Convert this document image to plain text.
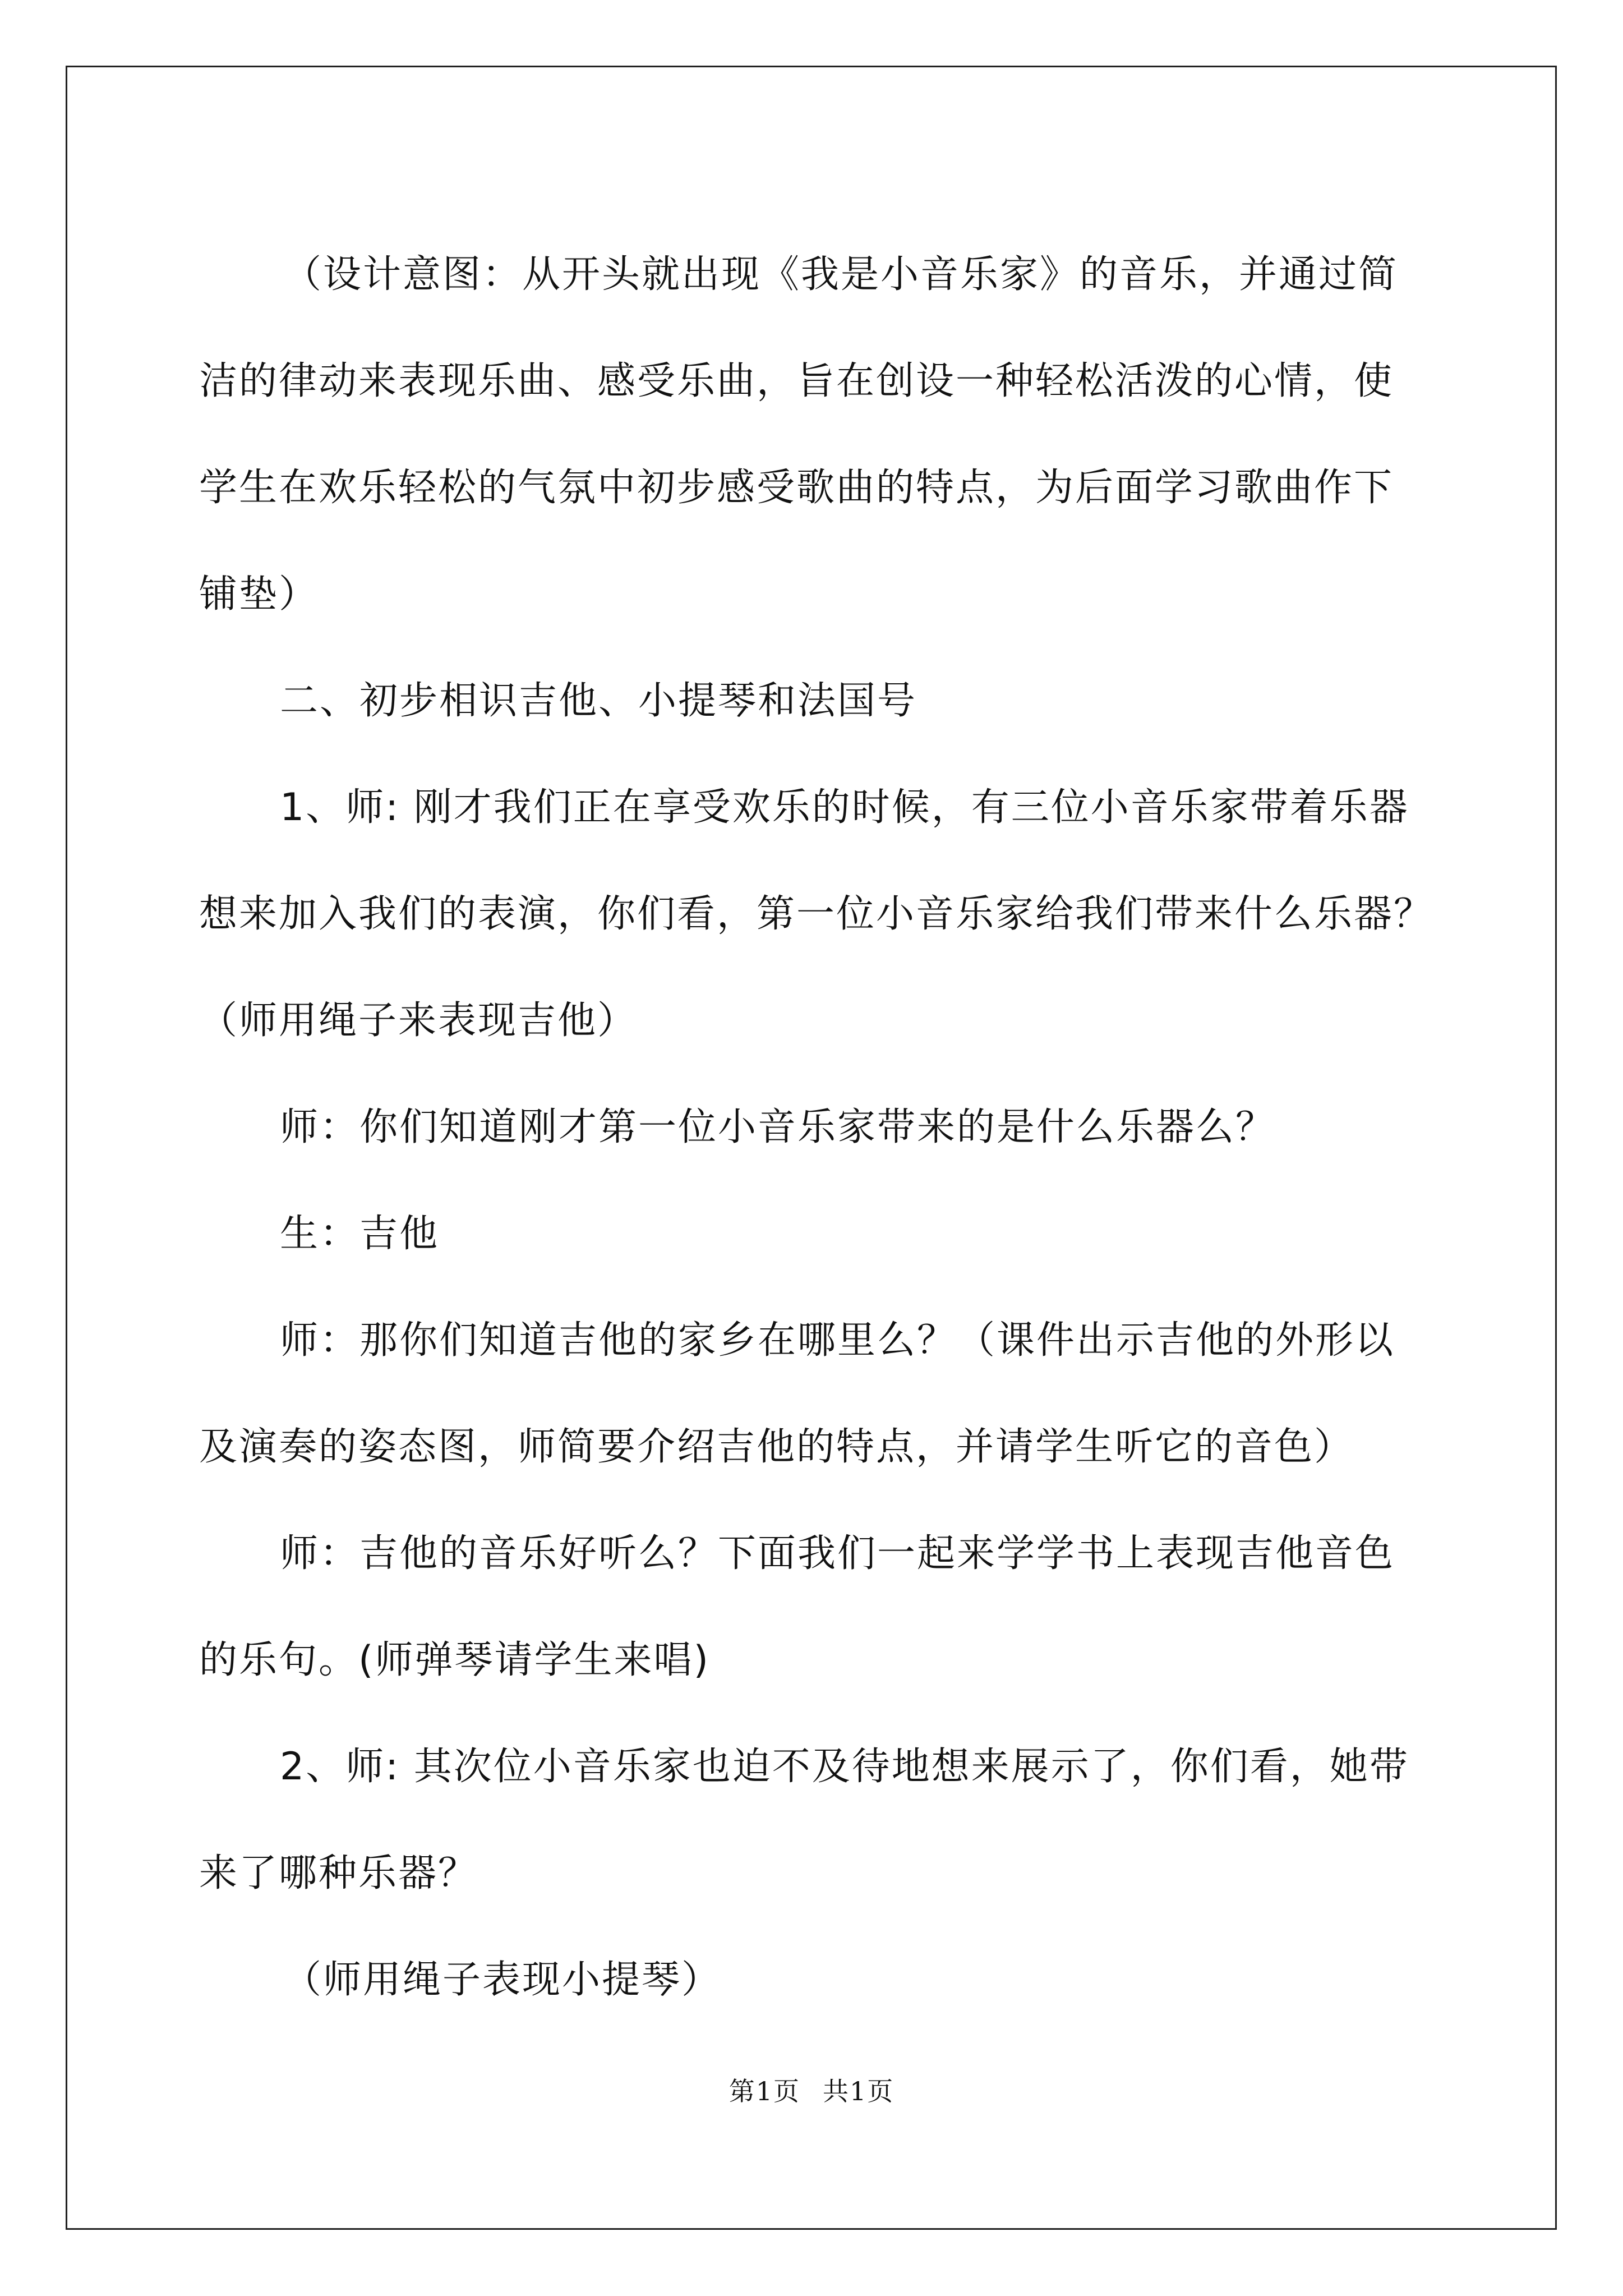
（设计意图：从开头就出现《我是小音乐家》的音乐，并通过简

洁的律动来表现乐曲、感受乐曲，旨在创设一种轻松活泼的心情，使

学生在欢乐轻松的气氛中初步感受歌曲的特点，为后面学习歌曲作下

铺垫）

二、初步相识吉他、小提琴和法国号

1、师: 刚才我们正在享受欢乐的时候，有三位小音乐家带着乐器

想来加入我们的表演，你们看，第一位小音乐家给我们带来什么乐器？

（师用绳子来表现吉他）

师：你们知道刚才第一位小音乐家带来的是什么乐器么？

生：吉他

师：那你们知道吉他的家乡在哪里么？（课件出示吉他的外形以

及演奏的姿态图，师简要介绍吉他的特点，并请学生听它的音色）

师：吉他的音乐好听么？下面我们一起来学学书上表现吉他音色

的乐句。(师弹琴请学生来唱)

2、师: 其次位小音乐家也迫不及待地想来展示了，你们看，她带

来了哪种乐器？

（师用绳子表现小提琴）

第1页 共1页
